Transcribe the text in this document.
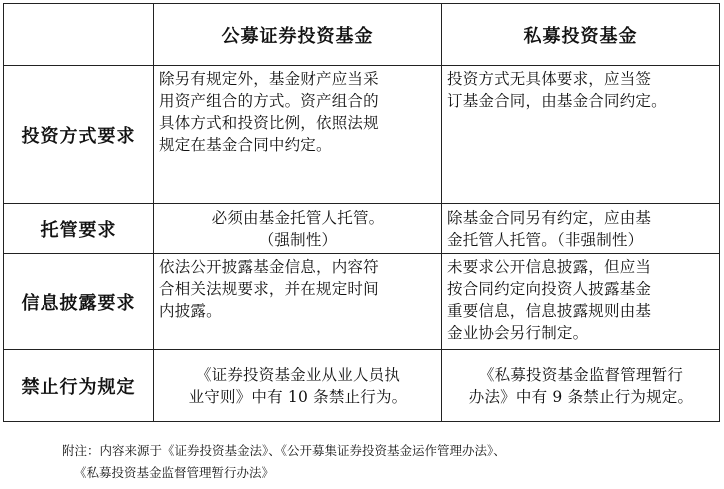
	公募证券投资基金	私募投资基金
投资方式要求	除另有规定外，基金财产应当采
用资产组合的方式。资产组合的
具体方式和投资比例，依照法规
规定在基金合同中约定。	投资方式无具体要求，应当签
订基金合同，由基金合同约定。

托管要求	必须由基金托管人托管。
（强制性）	除基金合同另有约定，应由基
金托管人托管。（非强制性）

信息披露要求	依法公开披露基金信息，内容符
合相关法规要求，并在规定时间
内披露。	未要求公开信息披露，但应当
按合同约定向投资人披露基金
重要信息，信息披露规则由基
金业协会另行制定。

禁止行为规定	《证券投资基金业从业人员执
业守则》中有 10 条禁止行为。	《私募投资基金监督管理暂行
办法》中有 9 条禁止行为规定。
附注：内容来源于《证券投资基金法》、《公开募集证券投资基金运作管理办法》、
《私募投资基金监督管理暂行办法》
